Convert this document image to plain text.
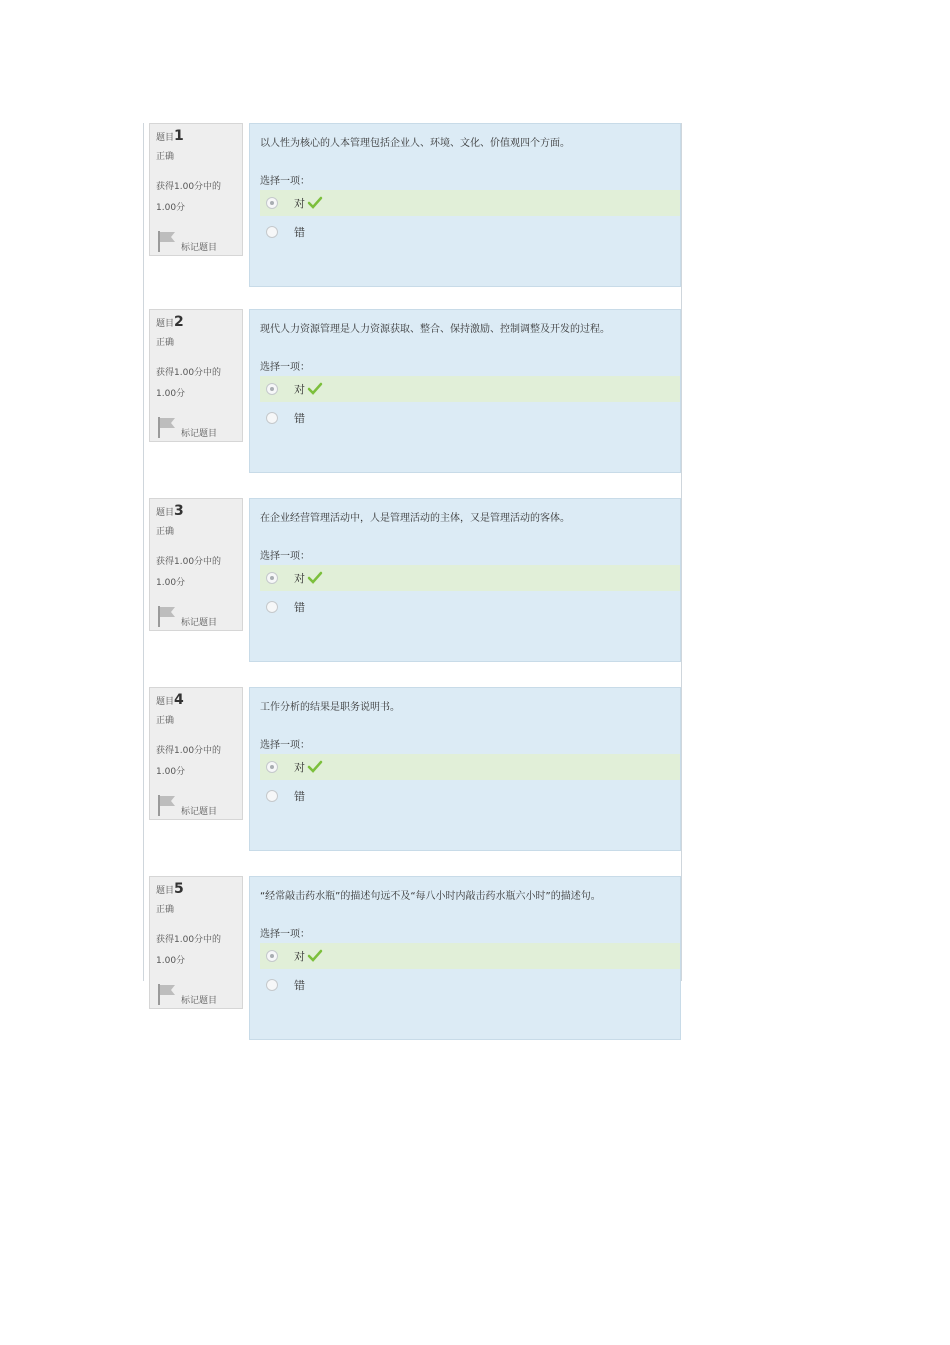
题目1
正确
获得1.00分中的
1.00分
标记题目
以人性为核心的人本管理包括企业人、环境、文化、价值观四个方面。
选择一项：
对
错
题目2
正确
获得1.00分中的
1.00分
标记题目
现代人力资源管理是人力资源获取、整合、保持激励、控制调整及开发的过程。
选择一项：
对
错
题目3
正确
获得1.00分中的
1.00分
标记题目
在企业经营管理活动中，人是管理活动的主体，又是管理活动的客体。
选择一项：
对
错
题目4
正确
获得1.00分中的
1.00分
标记题目
工作分析的结果是职务说明书。
选择一项：
对
错
题目5
正确
获得1.00分中的
1.00分
标记题目
“经常敲击药水瓶”的描述句远不及“每八小时内敲击药水瓶六小时”的描述句。
选择一项：
对
错
